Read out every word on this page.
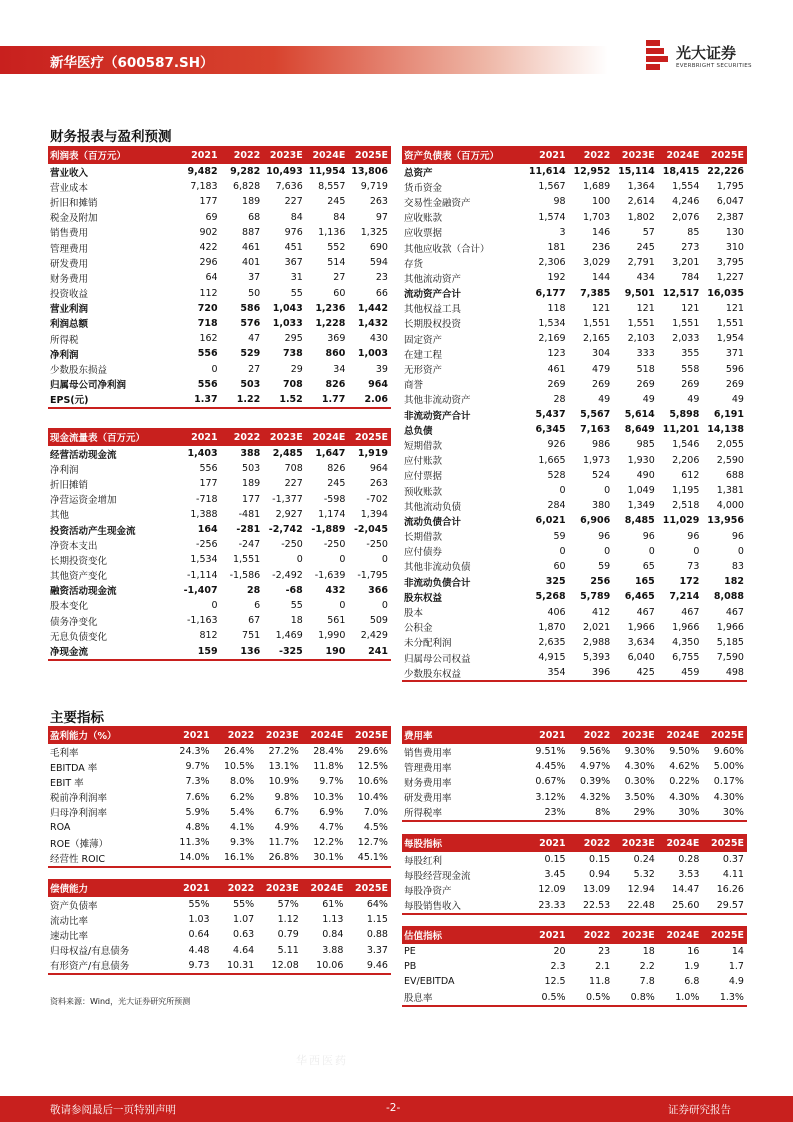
新华医疗（600587.SH）
光大证券
EVERBRIGHT SECURITIES
财务报表与盈利预测
主要指标
利润表（百万元）	2021	2022	2023E	2024E	2025E
营业收入	9,482	9,282 10,493 11,954 13,806
营业成本	7,183	6,828	7,636	8,557	9,719
折旧和摊销	177	189	227	245	263
税金及附加	69	68	84	84	97
销售费用	902	887	976	1,136	1,325
管理费用	422	461	451	552	690
研发费用	296	401	367	514	594
财务费用	64	37	31	27	23
投资收益	112	50	55	60	66
营业利润	720	586	1,043	1,236	1,442
利润总额	718	576	1,033	1,228	1,432
所得税	162	47	295	369	430
净利润	556	529	738	860	1,003
少数股东损益	0	27	29	34	39
归属母公司净利润	556	503	708	826	964
EPS(元)	1.37	1.22	1.52	1.77	2.06
现金流量表（百万元）	2021	2022	2023E	2024E	2025E
经营活动现金流	1,403	388	2,485	1,647	1,919
净利润	556	503	708	826	964
折旧摊销	177	189	227	245	263
净营运资金增加	-718	177	-1,377	-598	-702
其他	1,388	-481	2,927	1,174	1,394
投资活动产生现金流	164	-281 -2,742 -1,889 -2,045
净资本支出	-256	-247	-250	-250	-250
长期投资变化	1,534	1,551	0	0	0
其他资产变化	-1,114	-1,586	-2,492	-1,639	-1,795
融资活动现金流	-1,407	28	-68	432	366
股本变化	0	6	55	0	0
债务净变化	-1,163	67	18	561	509
无息负债变化	812	751	1,469	1,990	2,429
净现金流	159	136	-325	190	241
资产负债表（百万元）	2021	2022	2023E	2024E	2025E
总资产	11,614 12,952 15,114 18,415 22,226
货币资金	1,567	1,689	1,364	1,554	1,795
交易性金融资产	98	100	2,614	4,246	6,047
应收账款	1,574	1,703	1,802	2,076	2,387
应收票据	3	146	57	85	130
其他应收款（合计）	181	236	245	273	310
存货	2,306	3,029	2,791	3,201	3,795
其他流动资产	192	144	434	784	1,227
流动资产合计	6,177	7,385	9,501 12,517 16,035
其他权益工具	118	121	121	121	121
长期股权投资	1,534	1,551	1,551	1,551	1,551
固定资产	2,169	2,165	2,103	2,033	1,954
在建工程	123	304	333	355	371
无形资产	461	479	518	558	596
商誉	269	269	269	269	269
其他非流动资产	28	49	49	49	49
非流动资产合计	5,437	5,567	5,614	5,898	6,191
总负债	6,345	7,163	8,649 11,201 14,138
短期借款	926	986	985	1,546	2,055
应付账款	1,665	1,973	1,930	2,206	2,590
应付票据	528	524	490	612	688
预收账款	0	0	1,049	1,195	1,381
其他流动负债	284	380	1,349	2,518	4,000
流动负债合计	6,021	6,906	8,485 11,029 13,956
长期借款	59	96	96	96	96
应付债券	0	0	0	0	0
其他非流动负债	60	59	65	73	83
非流动负债合计	325	256	165	172	182
股东权益	5,268	5,789	6,465	7,214	8,088
股本	406	412	467	467	467
公积金	1,870	2,021	1,966	1,966	1,966
未分配利润	2,635	2,988	3,634	4,350	5,185
归属母公司权益	4,915	5,393	6,040	6,755	7,590
少数股东权益	354	396	425	459	498
盈利能力（%）	2021	2022	2023E	2024E	2025E
毛利率	24.3%	26.4%	27.2%	28.4%	29.6%
EBITDA 率	9.7%	10.5%	13.1%	11.8%	12.5%
EBIT 率	7.3%	8.0%	10.9%	9.7%	10.6%
税前净利润率	7.6%	6.2%	9.8%	10.3%	10.4%
归母净利润率	5.9%	5.4%	6.7%	6.9%	7.0%
ROA	4.8%	4.1%	4.9%	4.7%	4.5%
ROE（摊薄）	11.3%	9.3%	11.7%	12.2%	12.7%
经营性 ROIC	14.0%	16.1%	26.8%	30.1%	45.1%
偿债能力	2021	2022	2023E	2024E	2025E
资产负债率	55%	55%	57%	61%	64%
流动比率	1.03	1.07	1.12	1.13	1.15
速动比率	0.64	0.63	0.79	0.84	0.88
归母权益/有息债务	4.48	4.64	5.11	3.88	3.37
有形资产/有息债务	9.73	10.31	12.08	10.06	9.46
费用率	2021	2022	2023E	2024E	2025E
销售费用率	9.51%	9.56%	9.30%	9.50%	9.60%
管理费用率	4.45%	4.97%	4.30%	4.62%	5.00%
财务费用率	0.67%	0.39%	0.30%	0.22%	0.17%
研发费用率	3.12%	4.32%	3.50%	4.30%	4.30%
所得税率	23%	8%	29%	30%	30%
每股指标	2021	2022	2023E	2024E	2025E
每股红利	0.15	0.15	0.24	0.28	0.37
每股经营现金流	3.45	0.94	5.32	3.53	4.11
每股净资产	12.09	13.09	12.94	14.47	16.26
每股销售收入	23.33	22.53	22.48	25.60	29.57
估值指标	2021	2022	2023E	2024E	2025E
PE	20	23	18	16	14
PB	2.3	2.1	2.2	1.9	1.7
EV/EBITDA	12.5	11.8	7.8	6.8	4.9
股息率	0.5%	0.5%	0.8%	1.0%	1.3%
资料来源：Wind，光大证券研究所预测
华西医药
敬请参阅最后一页特别声明	-2-	证券研究报告
